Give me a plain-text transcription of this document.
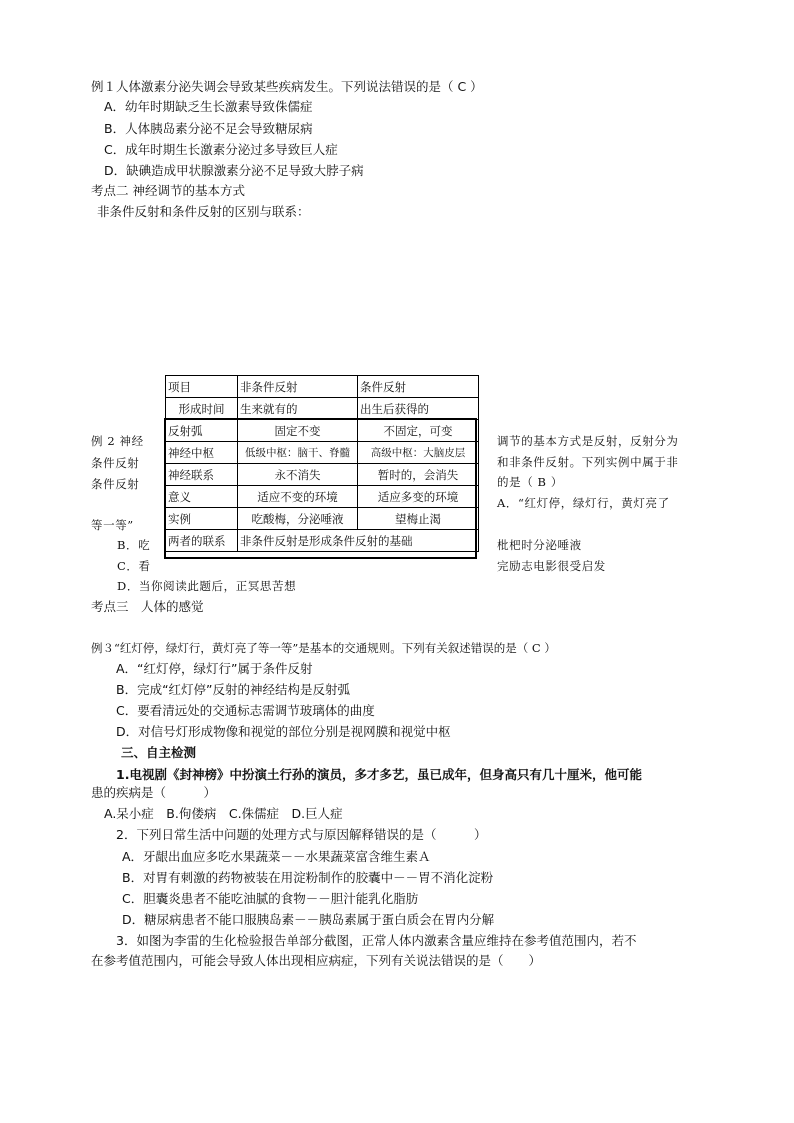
例１人体激素分泌失调会导致某些疾病发生。下列说法错误的是（ C ）
A．幼年时期缺乏生长激素导致侏儒症
B．人体胰岛素分泌不足会导致糖尿病
C．成年时期生长激素分泌过多导致巨人症
D．缺碘造成甲状腺激素分泌不足导致大脖子病
考点二 神经调节的基本方式
非条件反射和条件反射的区别与联系：
项目	非条件反射	条件反射
形成时间	生来就有的	出生后获得的
反射弧	固定不变	不固定，可变
神经中枢	低级中枢：脑干、脊髓	高级中枢：大脑皮层
神经联系	永不消失	暂时的，会消失
意义	适应不变的环境	适应多变的环境
实例	吃酸梅，分泌唾液	望梅止渴
两者的联系	非条件反射是形成条件反射的基础	
例 2 神经
条件反射
条件反射
调节的基本方式是反射，反射分为
和非条件反射。下列实例中属于非
的是（ B ）
A．“红灯停，绿灯行，黄灯亮了
等一等”
B．吃	枇杷时分泌唾液
C．看	完励志电影很受启发
D．当你阅读此题后，正冥思苦想
考点三　人体的感觉
例３“红灯停，绿灯行，黄灯亮了等一等”是基本的交通规则。下列有关叙述错误的是（ C ）
A．“红灯停，绿灯行”属于条件反射
B．完成“红灯停”反射的神经结构是反射弧
C．要看清远处的交通标志需调节玻璃体的曲度
D．对信号灯形成物像和视觉的部位分别是视网膜和视觉中枢
三、自主检测
1.电视剧《封神榜》中扮演土行孙的演员，多才多艺，虽已成年，但身高只有几十厘米，他可能
患的疾病是（　　　）
A.呆小症　B.佝偻病　C.侏儒症　D.巨人症
2．下列日常生活中问题的处理方式与原因解释错误的是（　　　）
A．牙龈出血应多吃水果蔬菜－－水果蔬菜富含维生素Ａ
B．对胃有刺激的药物被装在用淀粉制作的胶囊中－－胃不消化淀粉
C．胆囊炎患者不能吃油腻的食物－－胆汁能乳化脂肪
D．糖尿病患者不能口服胰岛素－－胰岛素属于蛋白质会在胃内分解
3．如图为李雷的生化检验报告单部分截图，正常人体内激素含量应维持在参考值范围内，若不
在参考值范围内，可能会导致人体出现相应病症，下列有关说法错误的是（　　）
